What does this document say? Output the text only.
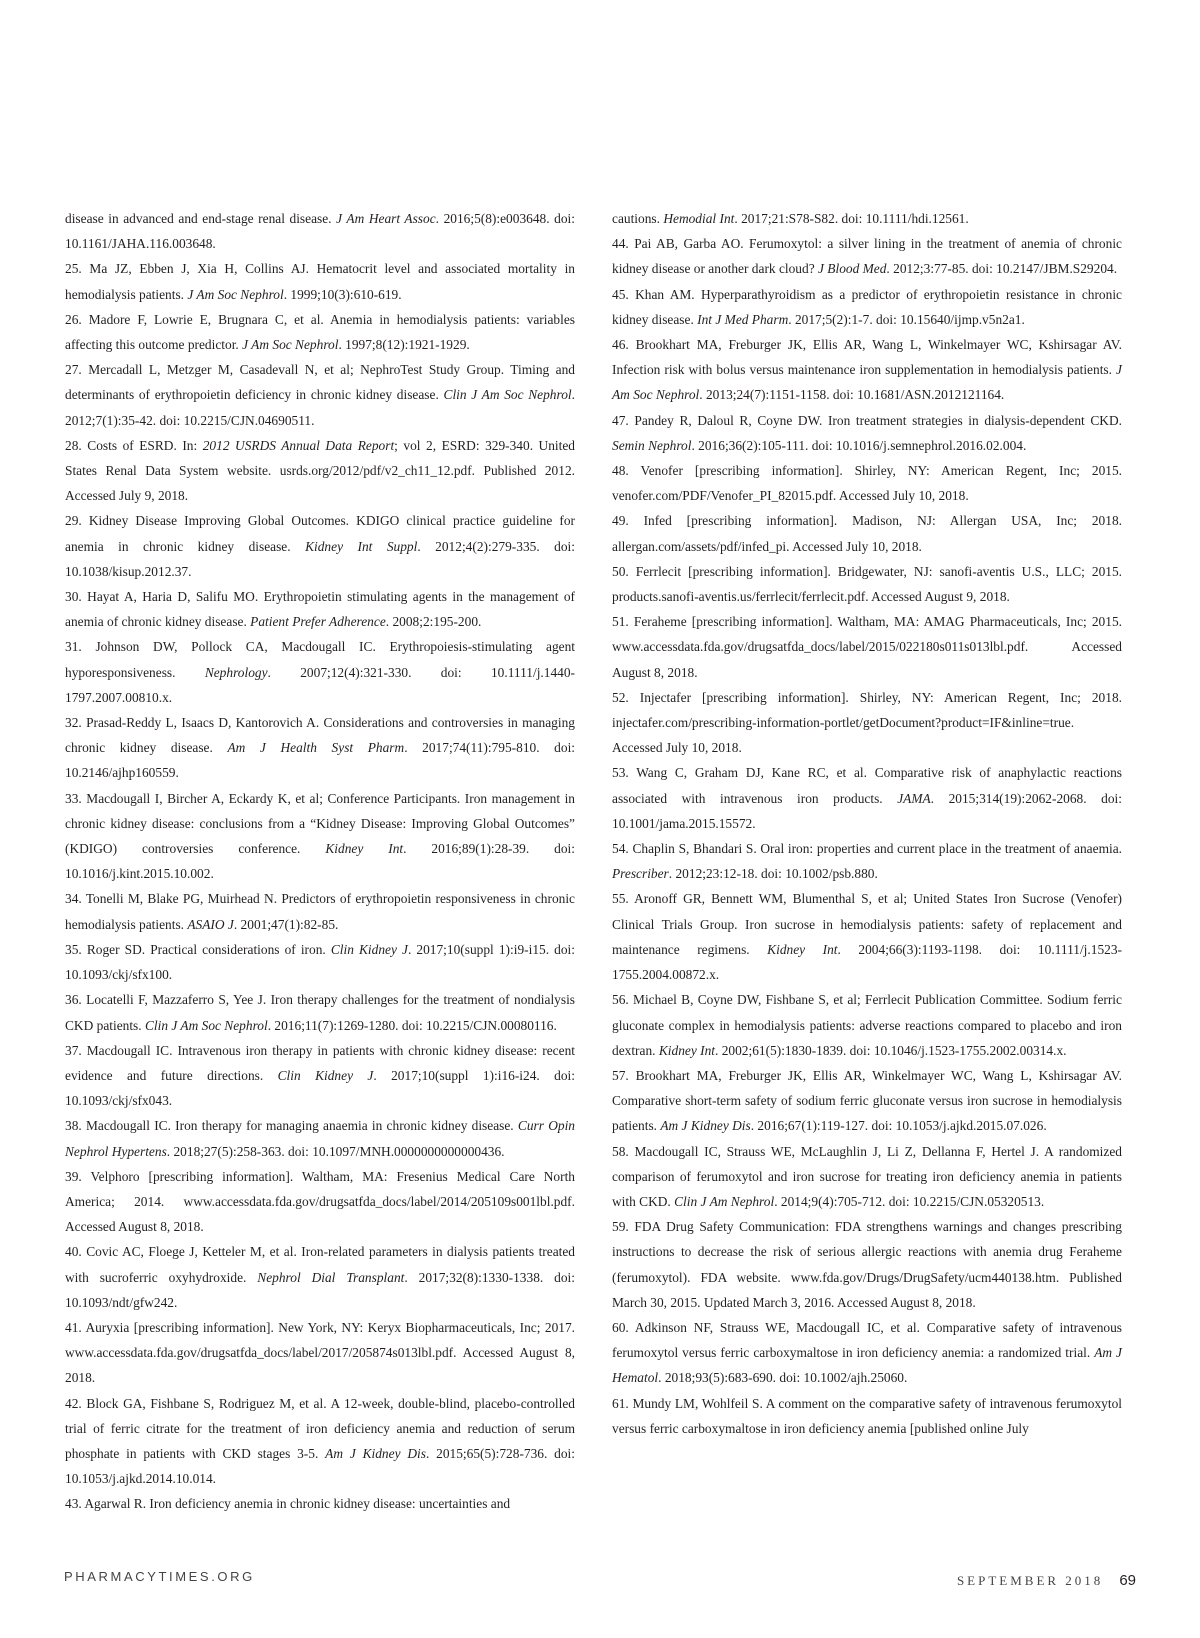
disease in advanced and end-stage renal disease. J Am Heart Assoc. 2016;5(8):e003648. doi: 10.1161/JAHA.116.003648.

25. Ma JZ, Ebben J, Xia H, Collins AJ. Hematocrit level and associated mortality in hemodialysis patients. J Am Soc Nephrol. 1999;10(3):610-619.

26. Madore F, Lowrie E, Brugnara C, et al. Anemia in hemodialysis patients: variables affecting this outcome predictor. J Am Soc Nephrol. 1997;8(12):1921-1929.

27. Mercadall L, Metzger M, Casadevall N, et al; NephroTest Study Group. Timing and determinants of erythropoietin deficiency in chronic kidney disease. Clin J Am Soc Nephrol. 2012;7(1):35-42. doi: 10.2215/CJN.04690511.

28. Costs of ESRD. In: 2012 USRDS Annual Data Report; vol 2, ESRD: 329-340. United States Renal Data System website. usrds.org/2012/pdf/v2_ch11_12.pdf. Published 2012. Accessed July 9, 2018.

29. Kidney Disease Improving Global Outcomes. KDIGO clinical practice guideline for anemia in chronic kidney disease. Kidney Int Suppl. 2012;4(2):279-335. doi: 10.1038/kisup.2012.37.

30. Hayat A, Haria D, Salifu MO. Erythropoietin stimulating agents in the management of anemia of chronic kidney disease. Patient Prefer Adherence. 2008;2:195-200.

31. Johnson DW, Pollock CA, Macdougall IC. Erythropoiesis-stimulating agent hyporesponsiveness. Nephrology. 2007;12(4):321-330. doi: 10.1111/j.1440-1797.2007.00810.x.

32. Prasad-Reddy L, Isaacs D, Kantorovich A. Considerations and controversies in managing chronic kidney disease. Am J Health Syst Pharm. 2017;74(11):795-810. doi: 10.2146/ajhp160559.

33. Macdougall I, Bircher A, Eckardy K, et al; Conference Participants. Iron management in chronic kidney disease: conclusions from a “Kidney Disease: Improving Global Outcomes” (KDIGO) controversies conference. Kidney Int. 2016;89(1):28-39. doi: 10.1016/j.kint.2015.10.002.

34. Tonelli M, Blake PG, Muirhead N. Predictors of erythropoietin responsiveness in chronic hemodialysis patients. ASAIO J. 2001;47(1):82-85.

35. Roger SD. Practical considerations of iron. Clin Kidney J. 2017;10(suppl 1):i9-i15. doi: 10.1093/ckj/sfx100.

36. Locatelli F, Mazzaferro S, Yee J. Iron therapy challenges for the treatment of nondialysis CKD patients. Clin J Am Soc Nephrol. 2016;11(7):1269-1280. doi: 10.2215/CJN.00080116.

37. Macdougall IC. Intravenous iron therapy in patients with chronic kidney disease: recent evidence and future directions. Clin Kidney J. 2017;10(suppl 1):i16-i24. doi: 10.1093/ckj/sfx043.

38. Macdougall IC. Iron therapy for managing anaemia in chronic kidney disease. Curr Opin Nephrol Hypertens. 2018;27(5):258-363. doi: 10.1097/MNH.0000000000000436.

39. Velphoro [prescribing information]. Waltham, MA: Fresenius Medical Care North America; 2014. www.accessdata.fda.gov/drugsatfda_docs/label/2014/205109s001lbl.pdf. Accessed August 8, 2018.

40. Covic AC, Floege J, Ketteler M, et al. Iron-related parameters in dialysis patients treated with sucroferric oxyhydroxide. Nephrol Dial Transplant. 2017;32(8):1330-1338. doi: 10.1093/ndt/gfw242.

41. Auryxia [prescribing information]. New York, NY: Keryx Biopharmaceuticals, Inc; 2017. www.accessdata.fda.gov/drugsatfda_docs/label/2017/205874s013lbl.pdf. Accessed August 8, 2018.

42. Block GA, Fishbane S, Rodriguez M, et al. A 12-week, double-blind, placebo-controlled trial of ferric citrate for the treatment of iron deficiency anemia and reduction of serum phosphate in patients with CKD stages 3-5. Am J Kidney Dis. 2015;65(5):728-736. doi: 10.1053/j.ajkd.2014.10.014.

43. Agarwal R. Iron deficiency anemia in chronic kidney disease: uncertainties and

cautions. Hemodial Int. 2017;21:S78-S82. doi: 10.1111/hdi.12561.

44. Pai AB, Garba AO. Ferumoxytol: a silver lining in the treatment of anemia of chronic kidney disease or another dark cloud? J Blood Med. 2012;3:77-85. doi: 10.2147/JBM.S29204.

45. Khan AM. Hyperparathyroidism as a predictor of erythropoietin resistance in chronic kidney disease. Int J Med Pharm. 2017;5(2):1-7. doi: 10.15640/ijmp.v5n2a1.

46. Brookhart MA, Freburger JK, Ellis AR, Wang L, Winkelmayer WC, Kshirsagar AV. Infection risk with bolus versus maintenance iron supplementation in hemodialysis patients. J Am Soc Nephrol. 2013;24(7):1151-1158. doi: 10.1681/ASN.2012121164.

47. Pandey R, Daloul R, Coyne DW. Iron treatment strategies in dialysis-dependent CKD. Semin Nephrol. 2016;36(2):105-111. doi: 10.1016/j.semnephrol.2016.02.004.

48. Venofer [prescribing information]. Shirley, NY: American Regent, Inc; 2015. venofer.com/PDF/Venofer_PI_82015.pdf. Accessed July 10, 2018.

49. Infed [prescribing information]. Madison, NJ: Allergan USA, Inc; 2018. allergan.com/assets/pdf/infed_pi. Accessed July 10, 2018.

50. Ferrlecit [prescribing information]. Bridgewater, NJ: sanofi-aventis U.S., LLC; 2015. products.sanofi-aventis.us/ferrlecit/ferrlecit.pdf. Accessed August 9, 2018.

51. Feraheme [prescribing information]. Waltham, MA: AMAG Pharmaceuticals, Inc; 2015. www.accessdata.fda.gov/drugsatfda_docs/label/2015/022180s011s013lbl.pdf. Accessed August 8, 2018.

52. Injectafer [prescribing information]. Shirley, NY: American Regent, Inc; 2018. injectafer.com/prescribing-information-portlet/getDocument?product=IF&inline=true. Accessed July 10, 2018.

53. Wang C, Graham DJ, Kane RC, et al. Comparative risk of anaphylactic reactions associated with intravenous iron products. JAMA. 2015;314(19):2062-2068. doi: 10.1001/jama.2015.15572.

54. Chaplin S, Bhandari S. Oral iron: properties and current place in the treatment of anaemia. Prescriber. 2012;23:12-18. doi: 10.1002/psb.880.

55. Aronoff GR, Bennett WM, Blumenthal S, et al; United States Iron Sucrose (Venofer) Clinical Trials Group. Iron sucrose in hemodialysis patients: safety of replacement and maintenance regimens. Kidney Int. 2004;66(3):1193-1198. doi: 10.1111/j.1523-1755.2004.00872.x.

56. Michael B, Coyne DW, Fishbane S, et al; Ferrlecit Publication Committee. Sodium ferric gluconate complex in hemodialysis patients: adverse reactions compared to placebo and iron dextran. Kidney Int. 2002;61(5):1830-1839. doi: 10.1046/j.1523-1755.2002.00314.x.

57. Brookhart MA, Freburger JK, Ellis AR, Winkelmayer WC, Wang L, Kshirsagar AV. Comparative short-term safety of sodium ferric gluconate versus iron sucrose in hemodialysis patients. Am J Kidney Dis. 2016;67(1):119-127. doi: 10.1053/j.ajkd.2015.07.026.

58. Macdougall IC, Strauss WE, McLaughlin J, Li Z, Dellanna F, Hertel J. A randomized comparison of ferumoxytol and iron sucrose for treating iron deficiency anemia in patients with CKD. Clin J Am Nephrol. 2014;9(4):705-712. doi: 10.2215/CJN.05320513.

59. FDA Drug Safety Communication: FDA strengthens warnings and changes prescribing instructions to decrease the risk of serious allergic reactions with anemia drug Feraheme (ferumoxytol). FDA website. www.fda.gov/Drugs/DrugSafety/ucm440138.htm. Published March 30, 2015. Updated March 3, 2016. Accessed August 8, 2018.

60. Adkinson NF, Strauss WE, Macdougall IC, et al. Comparative safety of intravenous ferumoxytol versus ferric carboxymaltose in iron deficiency anemia: a randomized trial. Am J Hematol. 2018;93(5):683-690. doi: 10.1002/ajh.25060.

61. Mundy LM, Wohlfeil S. A comment on the comparative safety of intravenous ferumoxytol versus ferric carboxymaltose in iron deficiency anemia [published online July

PHARMACYTIMES.ORG	SEPTEMBER 2018 69
